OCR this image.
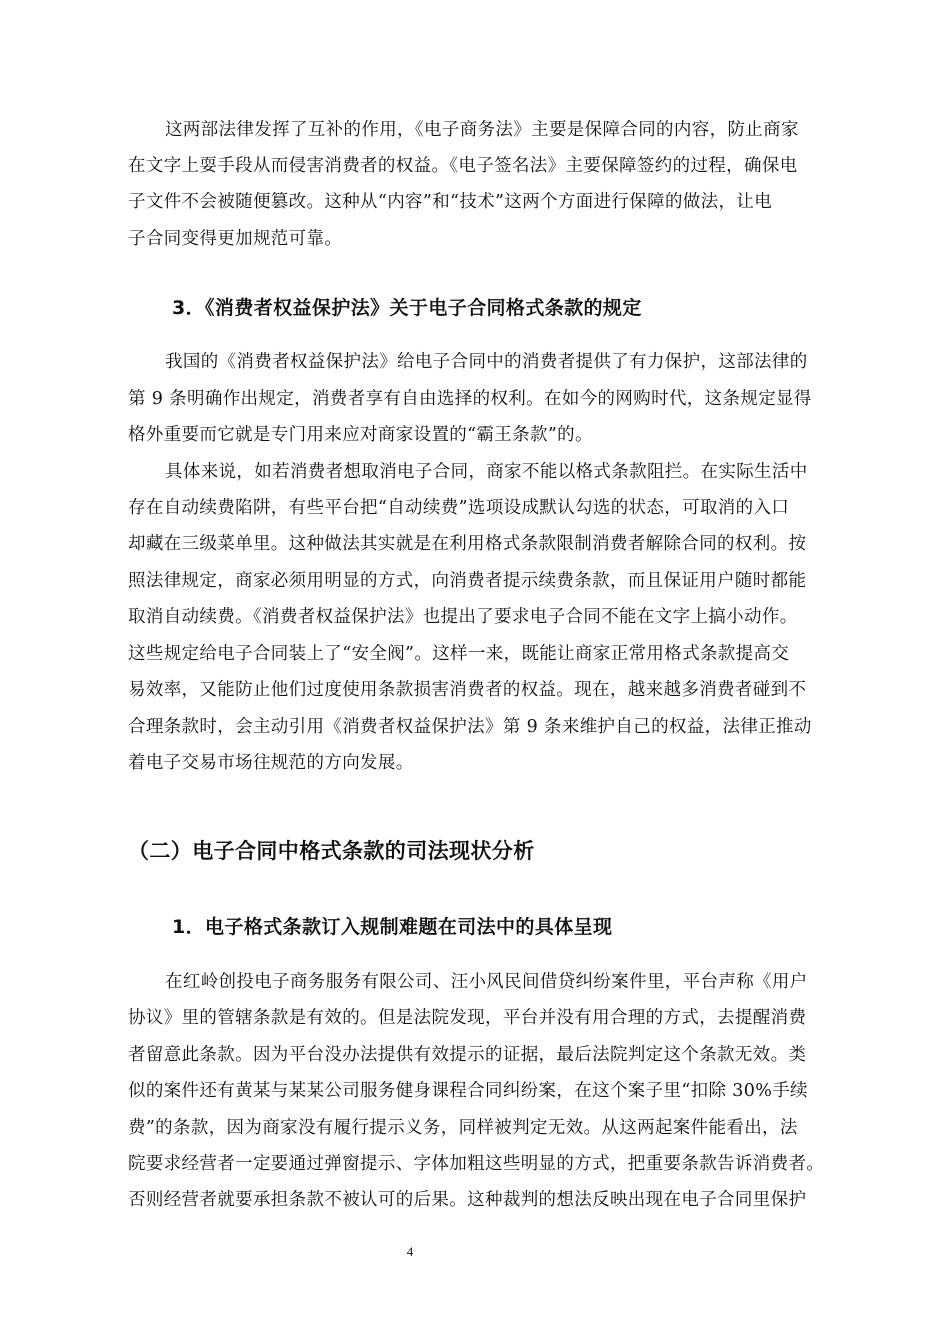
这两部法律发挥了互补的作用，《电子商务法》主要是保障合同的内容，防止商家
在文字上耍手段从而侵害消费者的权益。《电子签名法》主要保障签约的过程，确保电
子文件不会被随便篡改。这种从“内容”和“技术”这两个方面进行保障的做法，让电
子合同变得更加规范可靠。
3．《消费者权益保护法》关于电子合同格式条款的规定
我国的《消费者权益保护法》给电子合同中的消费者提供了有力保护，这部法律的
第 9 条明确作出规定，消费者享有自由选择的权利。在如今的网购时代，这条规定显得
格外重要而它就是专门用来应对商家设置的“霸王条款”的。
具体来说，如若消费者想取消电子合同，商家不能以格式条款阻拦。在实际生活中
存在自动续费陷阱，有些平台把“自动续费”选项设成默认勾选的状态，可取消的入口
却藏在三级菜单里。这种做法其实就是在利用格式条款限制消费者解除合同的权利。按
照法律规定，商家必须用明显的方式，向消费者提示续费条款，而且保证用户随时都能
取消自动续费。《消费者权益保护法》也提出了要求电子合同不能在文字上搞小动作。
这些规定给电子合同装上了“安全阀”。这样一来，既能让商家正常用格式条款提高交
易效率，又能防止他们过度使用条款损害消费者的权益。现在，越来越多消费者碰到不
合理条款时，会主动引用《消费者权益保护法》第 9 条来维护自己的权益，法律正推动
着电子交易市场往规范的方向发展。
（二）电子合同中格式条款的司法现状分析
1．电子格式条款订入规制难题在司法中的具体呈现
在红岭创投电子商务服务有限公司、汪小风民间借贷纠纷案件里，平台声称《用户
协议》里的管辖条款是有效的。但是法院发现，平台并没有用合理的方式，去提醒消费
者留意此条款。因为平台没办法提供有效提示的证据，最后法院判定这个条款无效。类
似的案件还有黄某与某某公司服务健身课程合同纠纷案，在这个案子里“扣除 30%手续
费”的条款，因为商家没有履行提示义务，同样被判定无效。从这两起案件能看出，法
院要求经营者一定要通过弹窗提示、字体加粗这些明显的方式，把重要条款告诉消费者。
否则经营者就要承担条款不被认可的后果。这种裁判的想法反映出现在电子合同里保护
4
